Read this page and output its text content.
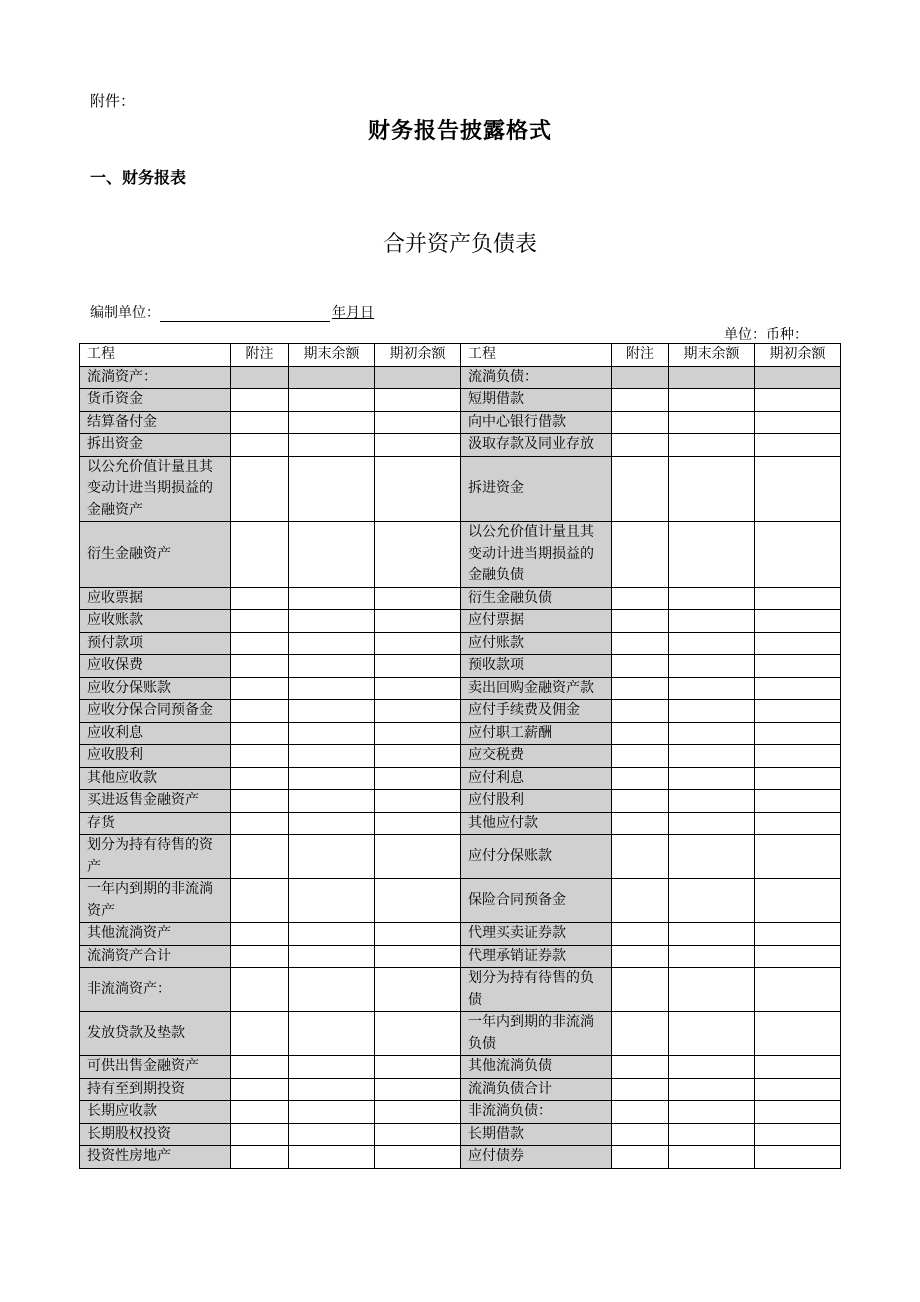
附件：
财务报告披露格式
一、财务报表
合并资产负债表
编制单位：	年月日
单位：币种：
工程	附注	期末余额	期初余额	工程	附注	期末余额	期初余额
流淌资产：				流淌负债：			
货币资金				短期借款			
结算备付金				向中心银行借款			
拆出资金				汲取存款及同业存放			
以公允价值计量且其变动计进当期损益的金融资产				拆进资金			
衍生金融资产				以公允价值计量且其变动计进当期损益的金融负债			
应收票据				衍生金融负债			
应收账款				应付票据			
预付款项				应付账款			
应收保费				预收款项			
应收分保账款				卖出回购金融资产款			
应收分保合同预备金				应付手续费及佣金			
应收利息				应付职工薪酬			
应收股利				应交税费			
其他应收款				应付利息			
买进返售金融资产				应付股利			
存货				其他应付款			
划分为持有待售的资产				应付分保账款			
一年内到期的非流淌资产				保险合同预备金			
其他流淌资产				代理买卖证券款			
流淌资产合计				代理承销证券款			
非流淌资产：				划分为持有待售的负债			
发放贷款及垫款				一年内到期的非流淌负债			
可供出售金融资产				其他流淌负债			
持有至到期投资				流淌负债合计			
长期应收款				非流淌负债：			
长期股权投资				长期借款			
投资性房地产				应付债券			
